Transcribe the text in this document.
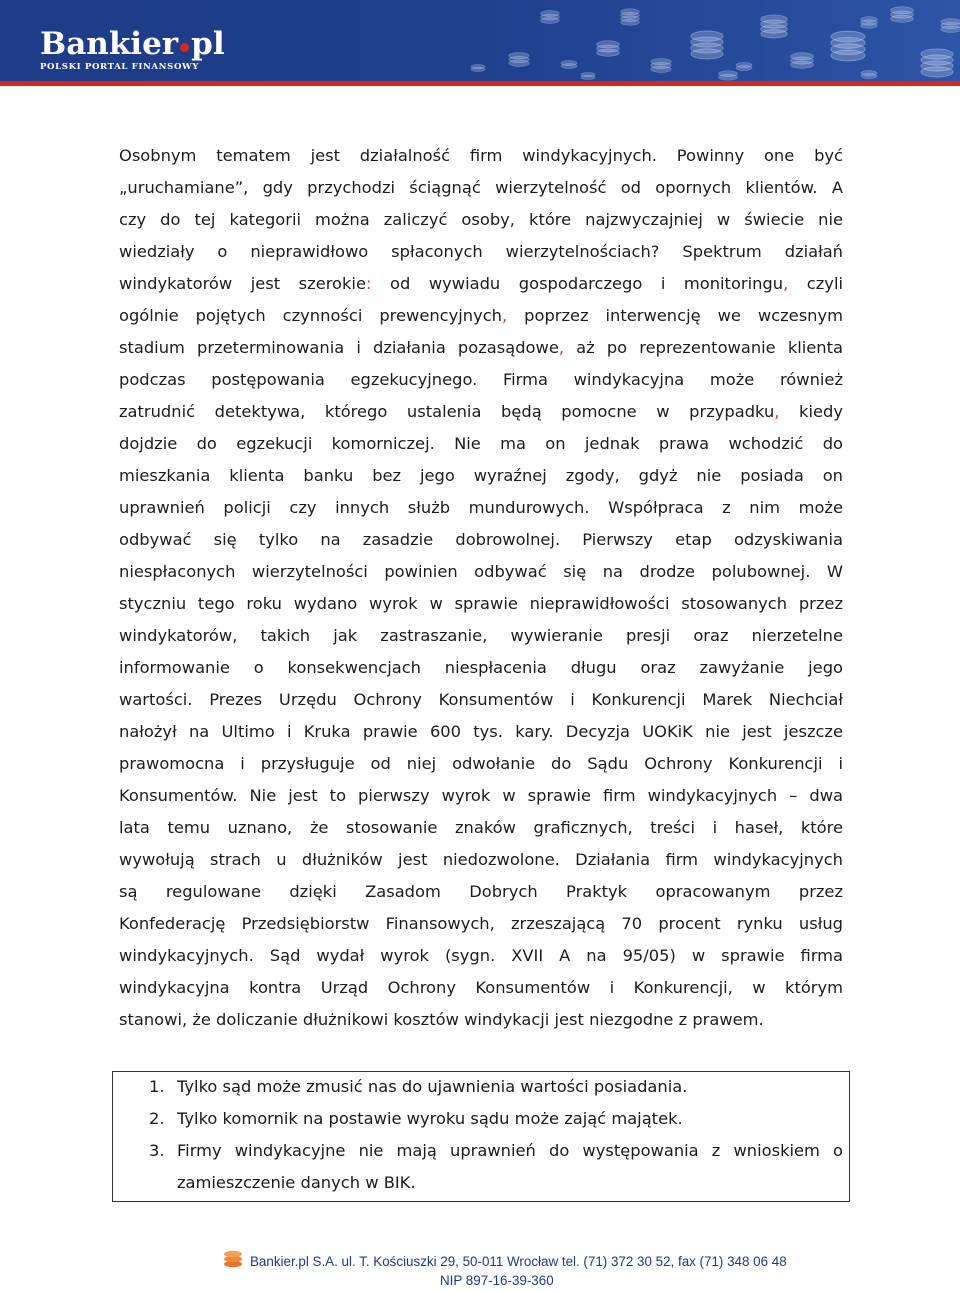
Bankier pl
POLSKI PORTAL FINANSOWY
Osobnym tematem jest działalność firm windykacyjnych. Powinny one być
„uruchamiane”, gdy przychodzi ściągnąć wierzytelność od opornych klientów. A
czy do tej kategorii można zaliczyć osoby, które najzwyczajniej w świecie nie
wiedziały o nieprawidłowo spłaconych wierzytelnościach? Spektrum działań
windykatorów jest szerokie: od wywiadu gospodarczego i monitoringu, czyli
ogólnie pojętych czynności prewencyjnych, poprzez interwencję we wczesnym
stadium przeterminowania i działania pozasądowe, aż po reprezentowanie klienta
podczas postępowania egzekucyjnego. Firma windykacyjna może również
zatrudnić detektywa, którego ustalenia będą pomocne w przypadku, kiedy
dojdzie do egzekucji komorniczej. Nie ma on jednak prawa wchodzić do
mieszkania klienta banku bez jego wyraźnej zgody, gdyż nie posiada on
uprawnień policji czy innych służb mundurowych. Współpraca z nim może
odbywać się tylko na zasadzie dobrowolnej. Pierwszy etap odzyskiwania
niespłaconych wierzytelności powinien odbywać się na drodze polubownej. W
styczniu tego roku wydano wyrok w sprawie nieprawidłowości stosowanych przez
windykatorów, takich jak zastraszanie, wywieranie presji oraz nierzetelne
informowanie o konsekwencjach niespłacenia długu oraz zawyżanie jego
wartości. Prezes Urzędu Ochrony Konsumentów i Konkurencji Marek Niechciał
nałożył na Ultimo i Kruka prawie 600 tys. kary. Decyzja UOKiK nie jest jeszcze
prawomocna i przysługuje od niej odwołanie do Sądu Ochrony Konkurencji i
Konsumentów. Nie jest to pierwszy wyrok w sprawie firm windykacyjnych – dwa
lata temu uznano, że stosowanie znaków graficznych, treści i haseł, które
wywołują strach u dłużników jest niedozwolone. Działania firm windykacyjnych
są regulowane dzięki Zasadom Dobrych Praktyk opracowanym przez
Konfederację Przedsiębiorstw Finansowych, zrzeszającą 70 procent rynku usług
windykacyjnych. Sąd wydał wyrok (sygn. XVII A na 95/05) w sprawie firma
windykacyjna kontra Urząd Ochrony Konsumentów i Konkurencji, w którym
stanowi, że doliczanie dłużnikowi kosztów windykacji jest niezgodne z prawem.
1. Tylko sąd może zmusić nas do ujawnienia wartości posiadania.
2. Tylko komornik na postawie wyroku sądu może zająć majątek.
3. Firmy windykacyjne nie mają uprawnień do występowania z wnioskiem o
zamieszczenie danych w BIK.
Bankier.pl S.A. ul. T. Kościuszki 29, 50-011 Wrocław tel. (71) 372 30 52, fax (71) 348 06 48
NIP 897-16-39-360
